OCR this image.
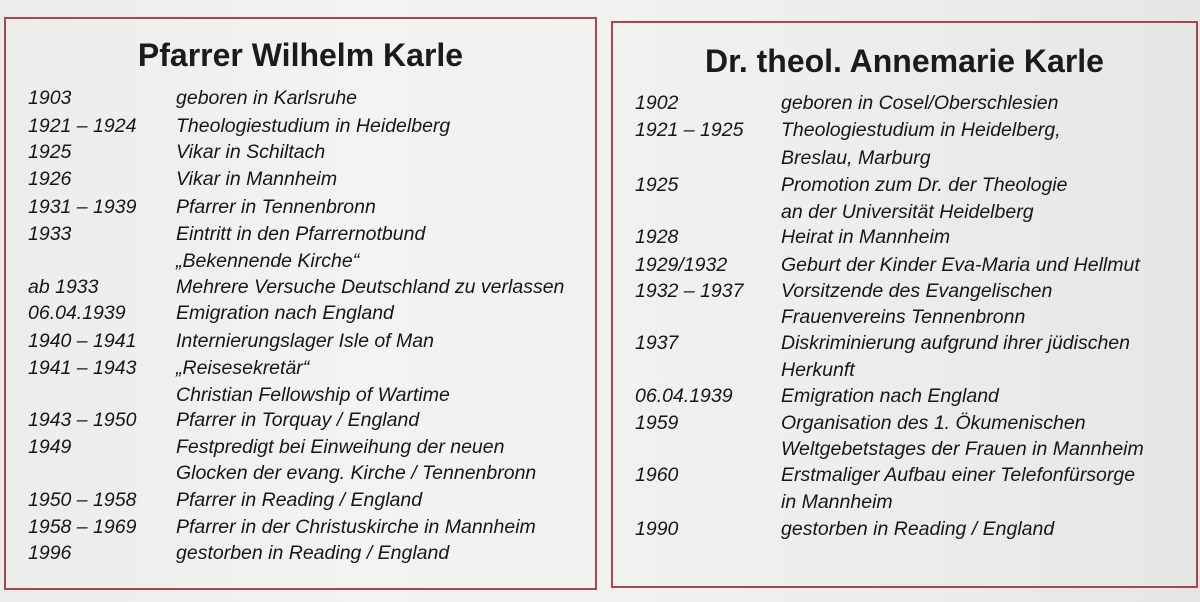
Pfarrer Wilhelm Karle
1903	geboren in Karlsruhe
1921 – 1924 Theologiestudium in Heidelberg
1925	Vikar in Schiltach
1926	Vikar in Mannheim
1931 – 1939 Pfarrer in Tennenbronn
1933	Eintritt in den Pfarrernotbund
„Bekennende Kirche“
ab 1933	Mehrere Versuche Deutschland zu verlassen
06.04.1939	Emigration nach England
1940 – 1941 Internierungslager Isle of Man
1941 – 1943 „Reisesekretär“
Christian Fellowship of Wartime
1943 – 1950 Pfarrer in Torquay / England
1949	Festpredigt bei Einweihung der neuen
Glocken der evang. Kirche / Tennenbronn
1950 – 1958 Pfarrer in Reading / England
1958 – 1969 Pfarrer in der Christuskirche in Mannheim
1996	gestorben in Reading / England
Dr. theol. Annemarie Karle
1902	geboren in Cosel/Oberschlesien
1921 – 1925 Theologiestudium in Heidelberg,
Breslau, Marburg
1925	Promotion zum Dr. der Theologie
an der Universität Heidelberg
1928	Heirat in Mannheim
1929/1932	Geburt der Kinder Eva-Maria und Hellmut
1932 – 1937 Vorsitzende des Evangelischen
Frauenvereins Tennenbronn
1937	Diskriminierung aufgrund ihrer jüdischen
Herkunft
06.04.1939 Emigration nach England
1959	Organisation des 1. Ökumenischen
Weltgebetstages der Frauen in Mannheim
1960	Erstmaliger Aufbau einer Telefonfürsorge
in Mannheim
1990	gestorben in Reading / England
